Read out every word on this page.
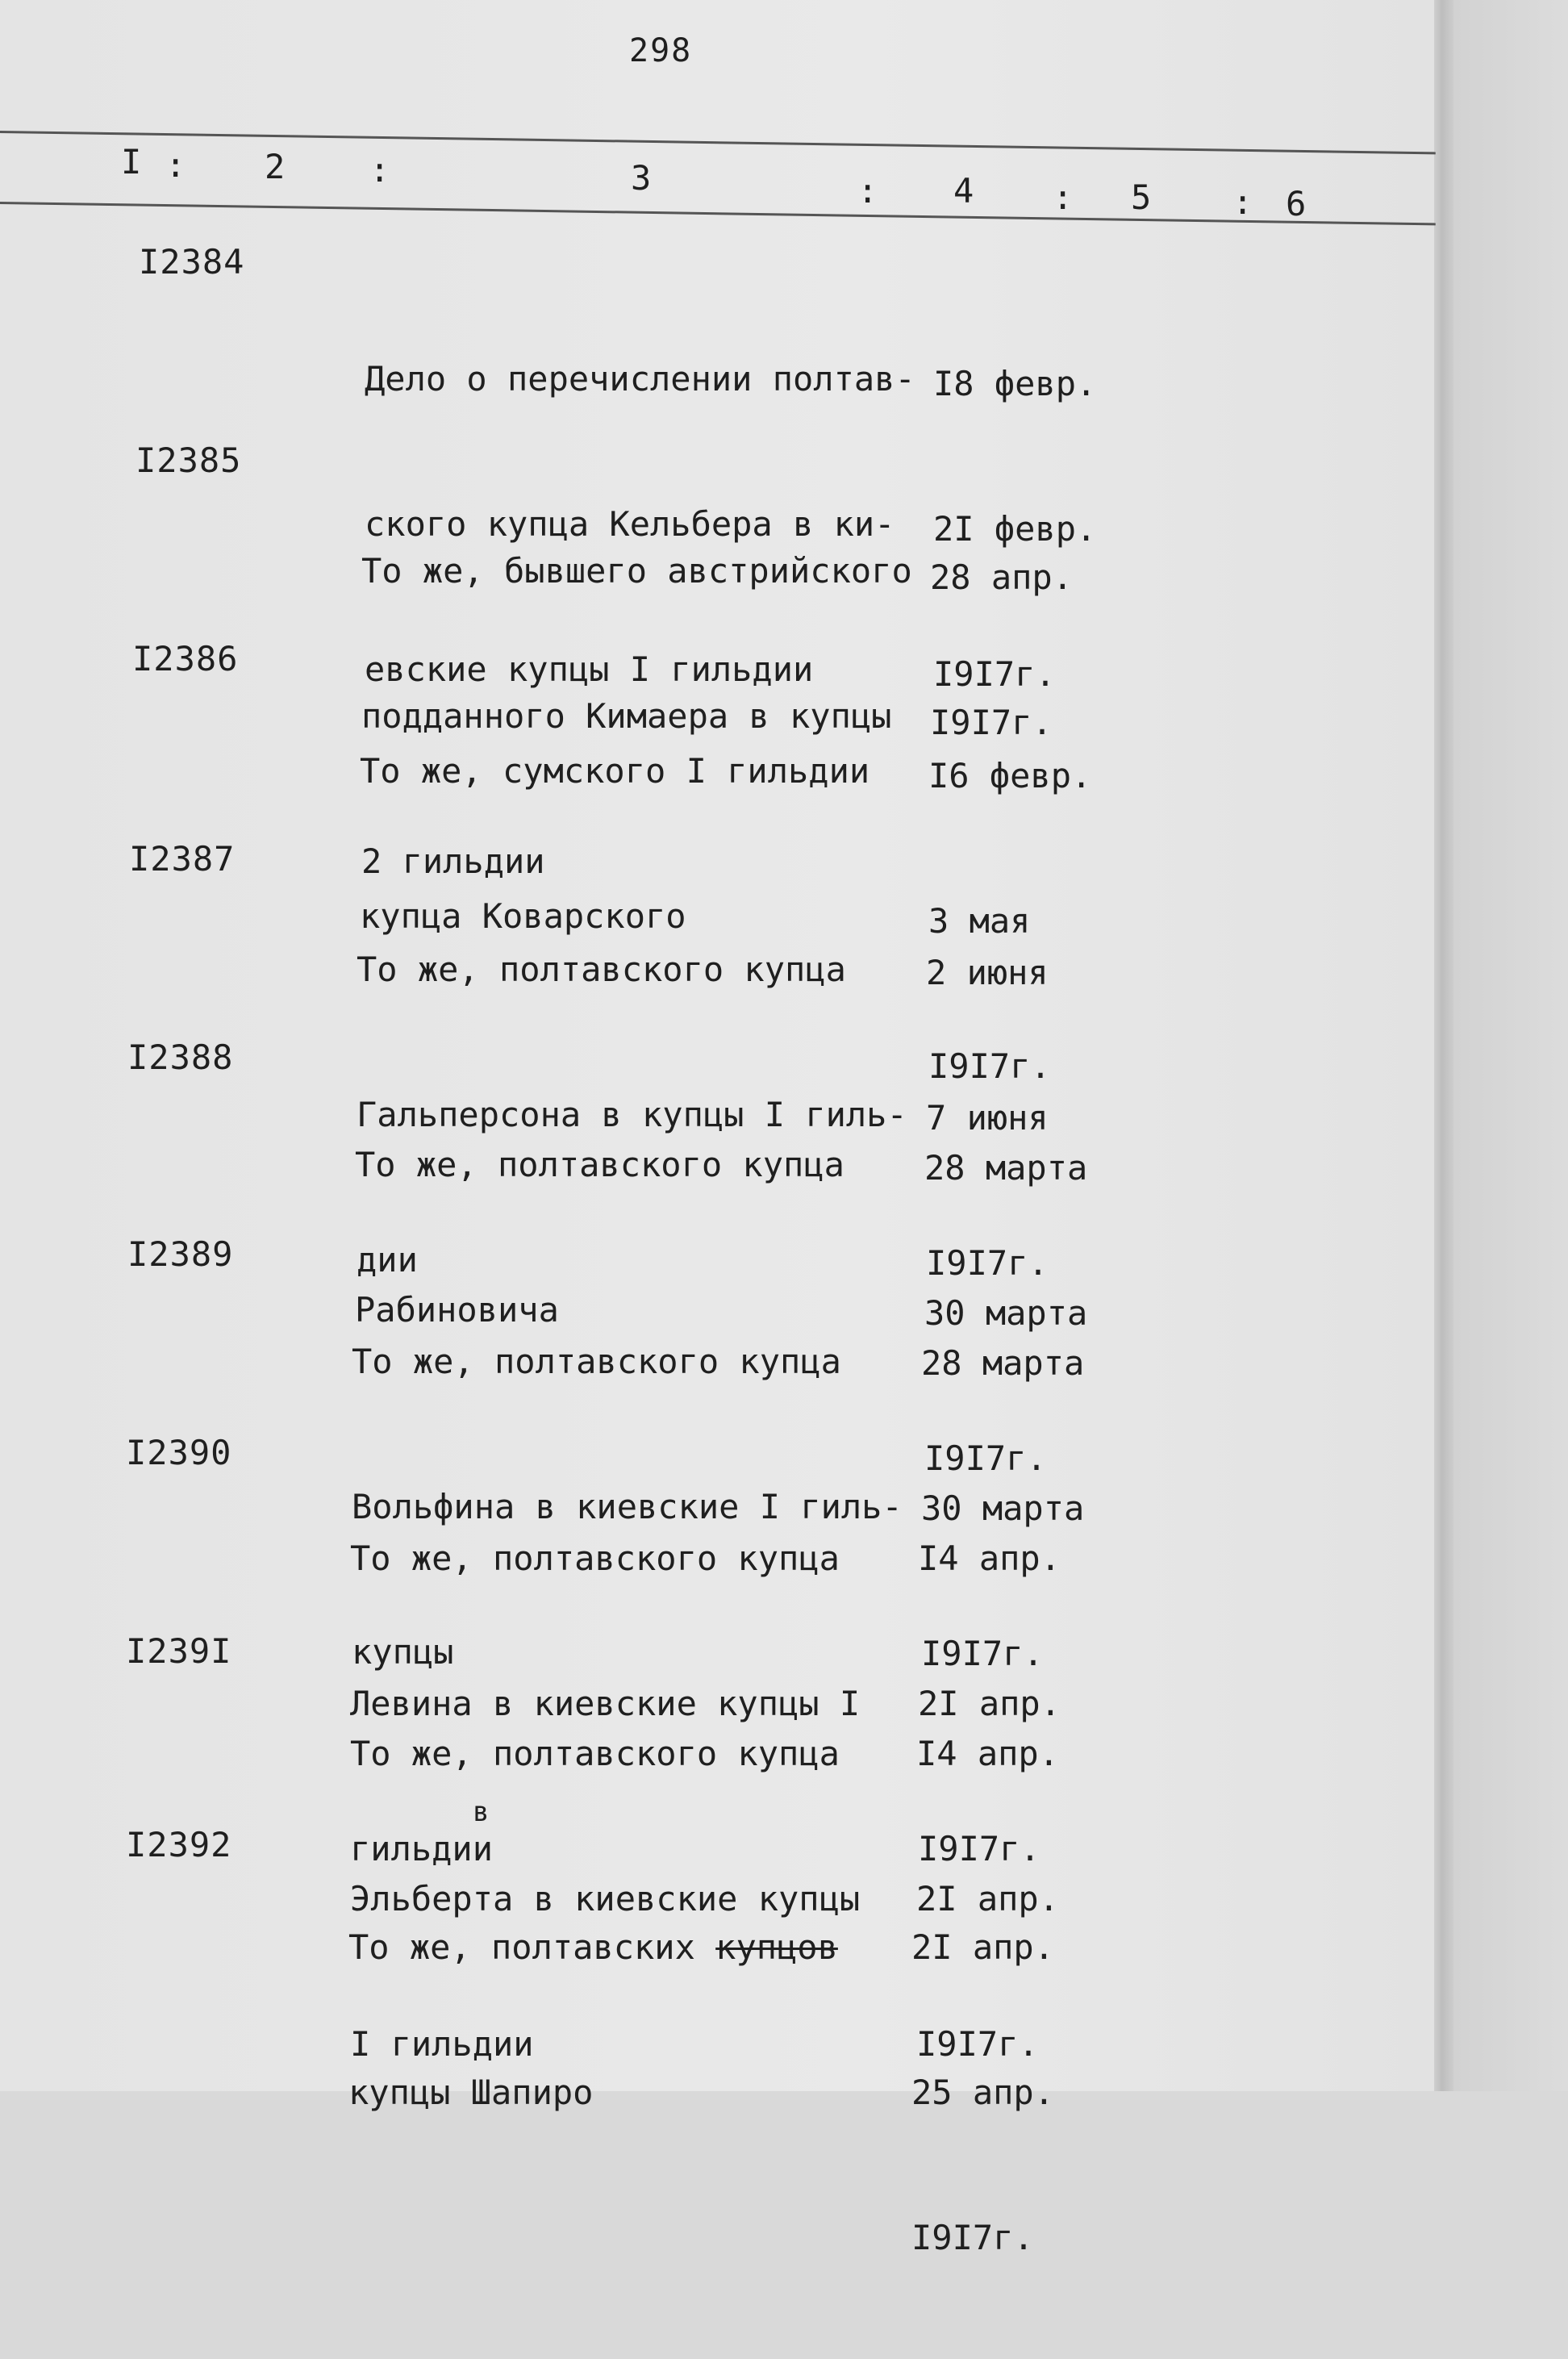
298
I : 2 :	3	: 4 : 5 : 6
I2384

Дело о перечислении полтав-

ского купца Кельбера в ки-

евские купцы I гильдии

I8 февр.

2I февр.

I9I7г.

I2385

То же, бывшего австрийского

подданного Кимаера в купцы

2 гильдии

28 апр.

I9I7г.

I2386

То же, сумского I гильдии

купца Коварского

I6 февр.

3 мая

I9I7г.

I2387

То же, полтавского купца

Гальперсона в купцы I гиль-

дии

2 июня

7 июня

I9I7г.

I2388

То же, полтавского купца

Рабиновича

28 марта

30 марта

I9I7г.

I2389

То же, полтавского купца

Вольфина в киевские I гиль-

купцы

28 марта

30 марта

I9I7г.

I2390

То же, полтавского купца

Левина в киевские купцы I

гильдии

I4 апр.

2I апр.

I9I7г.

I239I

То же, полтавского купца

Эльберта в киевские купцы

I гильдии

I4 апр.

2I апр.

I9I7г.

I2392
в

То же, полтавских купцов

купцы Шапиро

2I апр.

25 апр.

I9I7г.
